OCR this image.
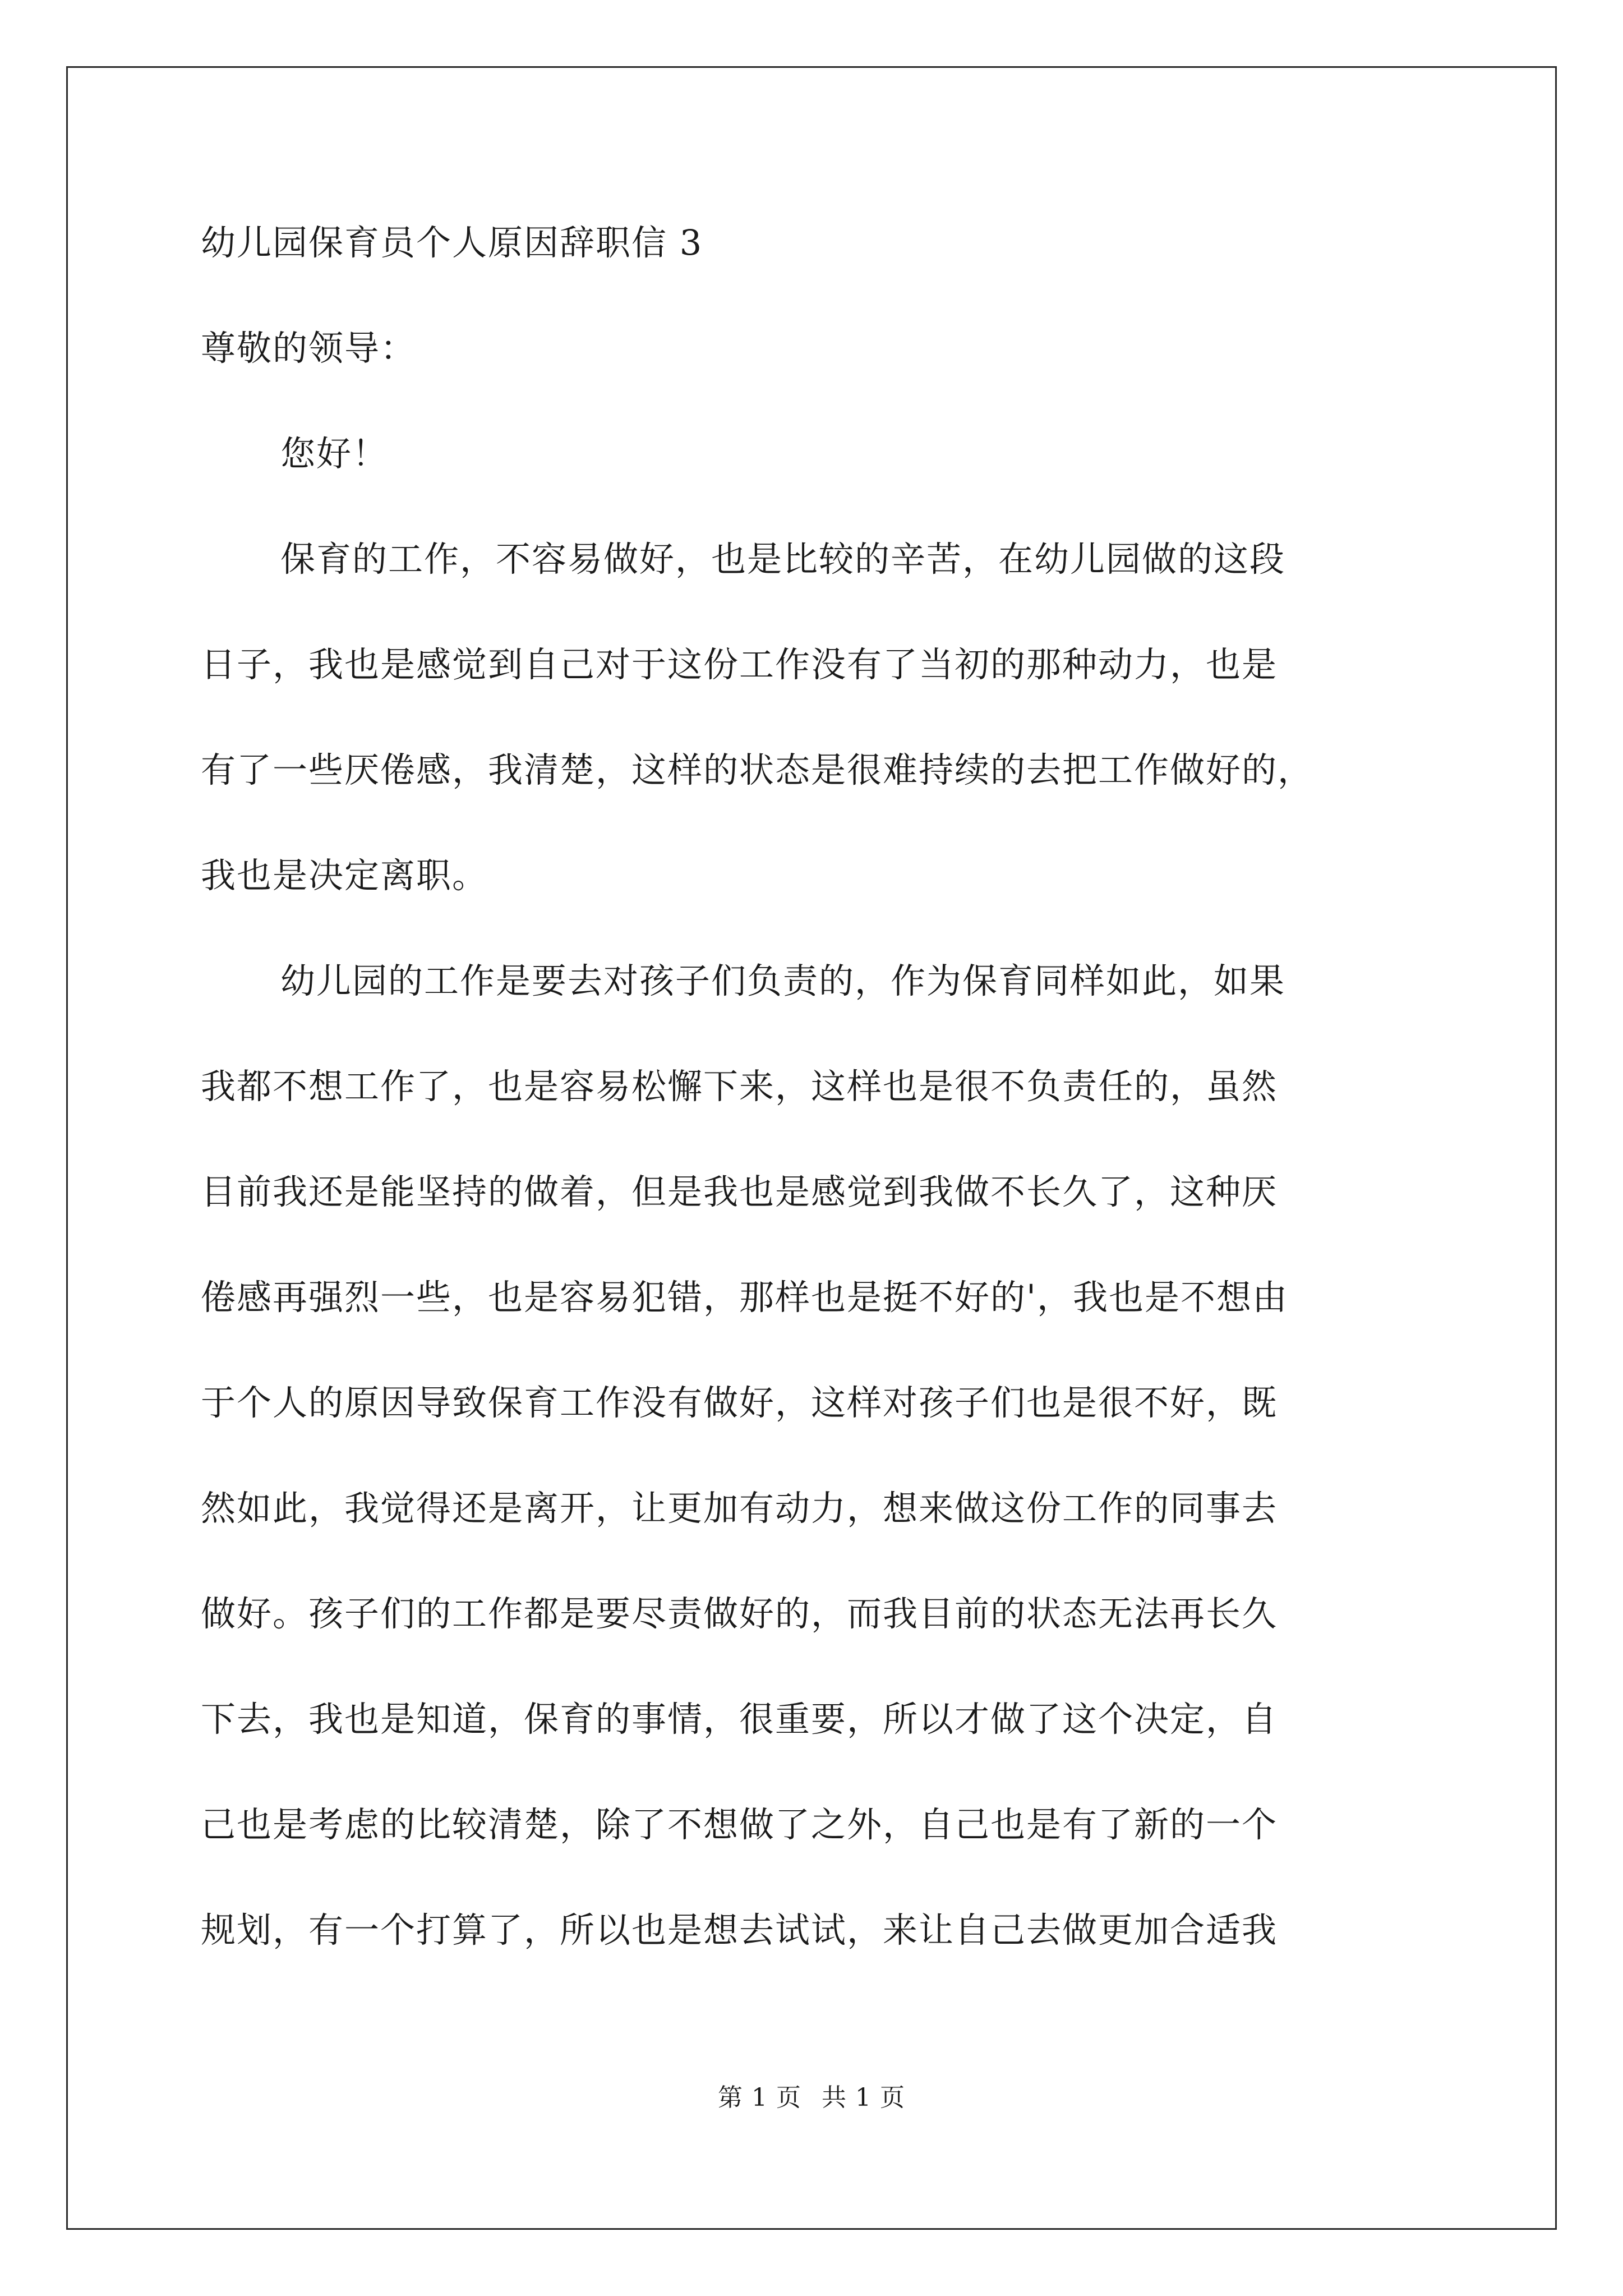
幼儿园保育员个人原因辞职信 3

尊敬的领导：

您好！

保育的工作，不容易做好，也是比较的辛苦，在幼儿园做的这段

日子，我也是感觉到自己对于这份工作没有了当初的那种动力，也是

有了一些厌倦感，我清楚，这样的状态是很难持续的去把工作做好的，

我也是决定离职。

幼儿园的工作是要去对孩子们负责的，作为保育同样如此，如果

我都不想工作了，也是容易松懈下来，这样也是很不负责任的，虽然

目前我还是能坚持的做着，但是我也是感觉到我做不长久了，这种厌

倦感再强烈一些，也是容易犯错，那样也是挺不好的'，我也是不想由

于个人的原因导致保育工作没有做好，这样对孩子们也是很不好，既

然如此，我觉得还是离开，让更加有动力，想来做这份工作的同事去

做好。孩子们的工作都是要尽责做好的，而我目前的状态无法再长久

下去，我也是知道，保育的事情，很重要，所以才做了这个决定，自

己也是考虑的比较清楚，除了不想做了之外，自己也是有了新的一个

规划，有一个打算了，所以也是想去试试，来让自己去做更加合适我

第 1 页 共 1 页
